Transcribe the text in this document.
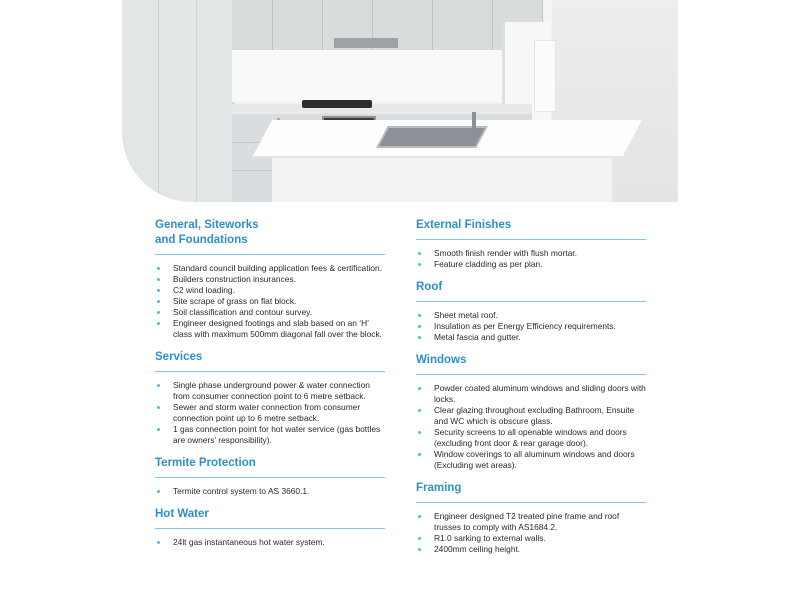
General, Siteworks
and Foundations

Standard council building application fees & certification.
Builders construction insurances.
C2 wind loading.
Site scrape of grass on flat block.
Soil classification and contour survey.
Engineer designed footings and slab based on an ‘H’ class with maximum 500mm diagonal fall over the block.

Services

Single phase underground power & water connection from consumer connection point to 6 metre setback.
Sewer and storm water connection from consumer connection point up to 6 metre setback.
1 gas connection point for hot water service (gas bottles are owners’ responsibility).

Termite Protection

Termite control system to AS 3660.1.

Hot Water

24lt gas instantaneous hot water system.

External Finishes

Smooth finish render with flush mortar.
Feature cladding as per plan.

Roof

Sheet metal roof.
Insulation as per Energy Efficiency requirements.
Metal fascia and gutter.

Windows

Powder coated aluminum windows and sliding doors with locks.
Clear glazing throughout excluding Bathroom, Ensuite and WC which is obscure glass.
Security screens to all openable windows and doors (excluding front door & rear garage door).
Window coverings to all aluminum windows and doors (Excluding wet areas).

Framing

Engineer designed T2 treated pine frame and roof trusses to comply with AS1684.2.
R1.0 sarking to external walls.
2400mm ceiling height.
